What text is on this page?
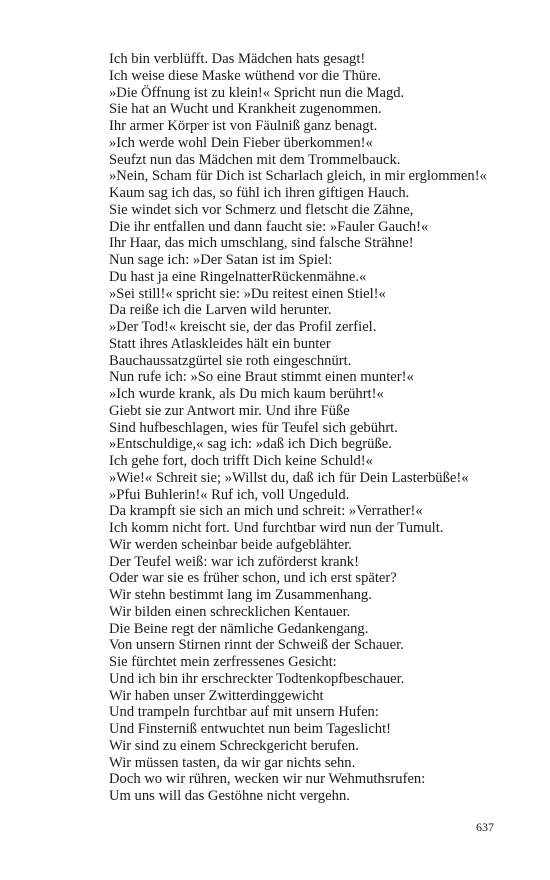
Ich bin verblüfft. Das Mädchen hats gesagt!
Ich weise diese Maske wüthend vor die Thüre.
»Die Öffnung ist zu klein!« Spricht nun die Magd.
Sie hat an Wucht und Krankheit zugenommen.
Ihr armer Körper ist von Fäulniß ganz benagt.
»Ich werde wohl Dein Fieber überkommen!«
Seufzt nun das Mädchen mit dem Trommelbauck.
»Nein, Scham für Dich ist Scharlach gleich, in mir erglommen!«
Kaum sag ich das, so fühl ich ihren giftigen Hauch.
Sie windet sich vor Schmerz und fletscht die Zähne,
Die ihr entfallen und dann faucht sie: »Fauler Gauch!«
Ihr Haar, das mich umschlang, sind falsche Strähne!
Nun sage ich: »Der Satan ist im Spiel:
Du hast ja eine RingelnatterRückenmähne.«
»Sei still!« spricht sie: »Du reitest einen Stiel!«
Da reiße ich die Larven wild herunter.
»Der Tod!« kreischt sie, der das Profil zerfiel.
Statt ihres Atlaskleides hält ein bunter
Bauchaussatzgürtel sie roth eingeschnürt.
Nun rufe ich: »So eine Braut stimmt einen munter!«
»Ich wurde krank, als Du mich kaum berührt!«
Giebt sie zur Antwort mir. Und ihre Füße
Sind hufbeschlagen, wies für Teufel sich gebührt.
»Entschuldige,« sag ich: »daß ich Dich begrüße.
Ich gehe fort, doch trifft Dich keine Schuld!«
»Wie!« Schreit sie; »Willst du, daß ich für Dein Lasterbüße!«
»Pfui Buhlerin!« Ruf ich, voll Ungeduld.
Da krampft sie sich an mich und schreit: »Verrather!«
Ich komm nicht fort. Und furchtbar wird nun der Tumult.
Wir werden scheinbar beide aufgeblähter.
Der Teufel weiß: war ich zuförderst krank!
Oder war sie es früher schon, und ich erst später?
Wir stehn bestimmt lang im Zusammenhang.
Wir bilden einen schrecklichen Kentauer.
Die Beine regt der nämliche Gedankengang.
Von unsern Stirnen rinnt der Schweiß der Schauer.
Sie fürchtet mein zerfressenes Gesicht:
Und ich bin ihr erschreckter Todtenkopfbeschauer.
Wir haben unser Zwitterdinggewicht
Und trampeln furchtbar auf mit unsern Hufen:
Und Finsterniß entwuchtet nun beim Tageslicht!
Wir sind zu einem Schreckgericht berufen.
Wir müssen tasten, da wir gar nichts sehn.
Doch wo wir rühren, wecken wir nur Wehmuthsrufen:
Um uns will das Gestöhne nicht vergehn.
637
